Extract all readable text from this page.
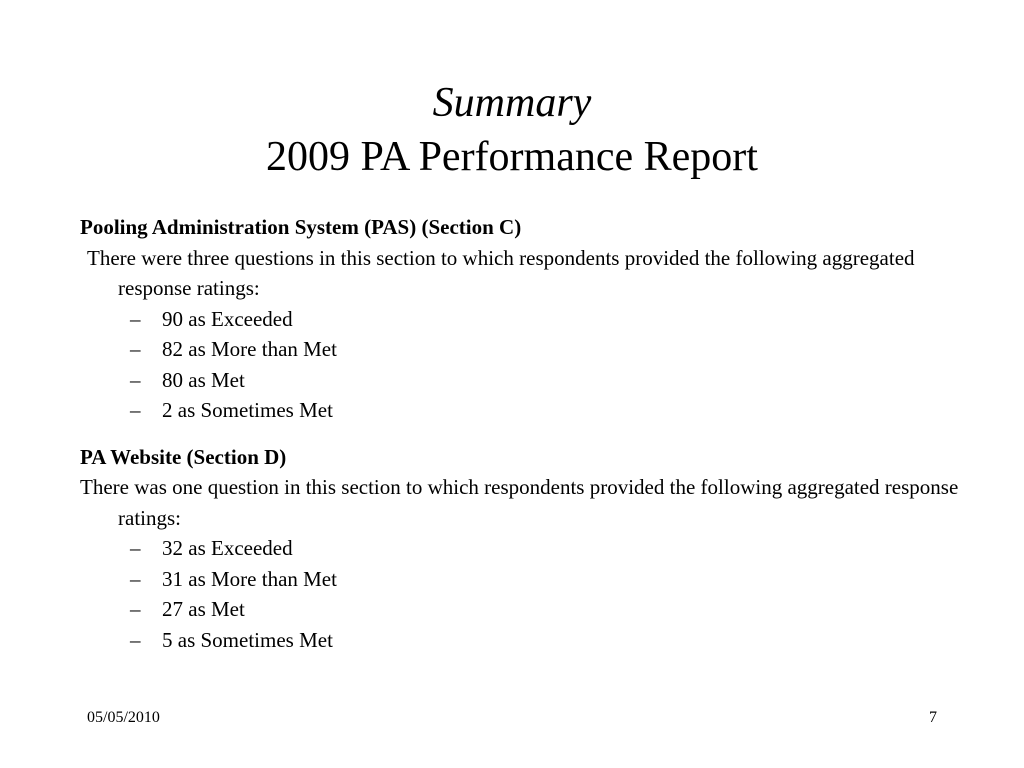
Summary
2009 PA Performance Report

Pooling Administration System (PAS) (Section C)

There were three questions in this section to which respondents provided the following aggregated response ratings:

– 90 as Exceeded
– 82 as More than Met
– 80 as Met
– 2 as Sometimes Met

PA Website (Section D)

There was one question in this section to which respondents provided the following aggregated response ratings:

– 32 as Exceeded
– 31 as More than Met
– 27 as Met
– 5 as Sometimes Met
05/05/2010	7
